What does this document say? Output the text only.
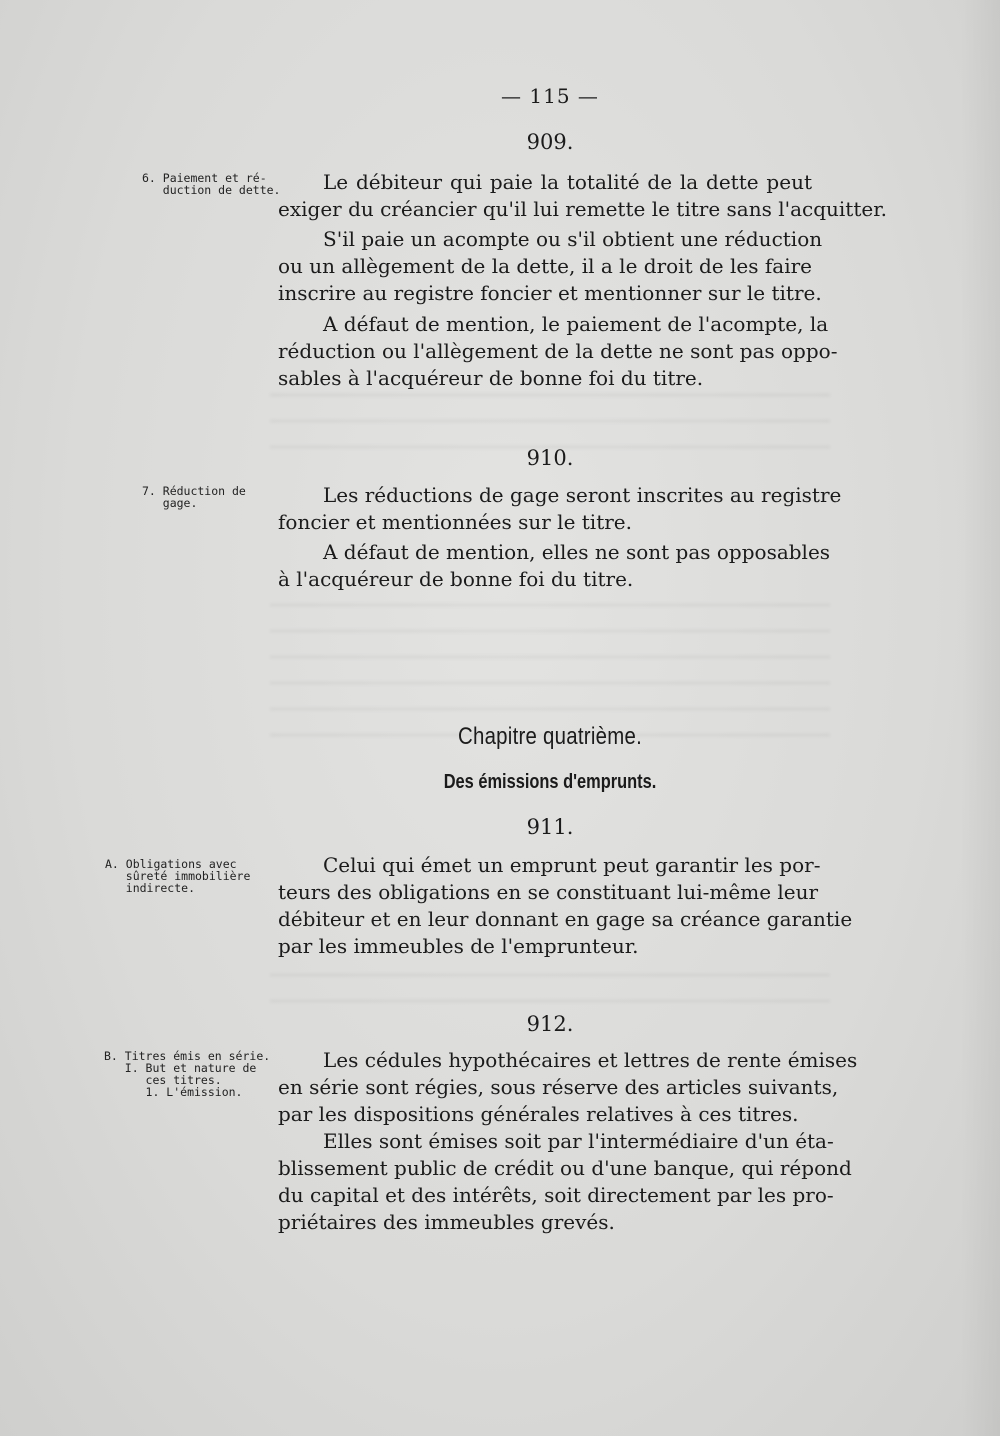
— 115 —
909.
6. Paiement et ré-
duction de dette.	Le débiteur qui paie la totalité de la dette peut
exiger du créancier qu'il lui remette le titre sans l'acquitter.
S'il paie un acompte ou s'il obtient une réduction
ou un allègement de la dette, il a le droit de les faire
inscrire au registre foncier et mentionner sur le titre.
A défaut de mention, le paiement de l'acompte, la
réduction ou l'allègement de la dette ne sont pas oppo-
sables à l'acquéreur de bonne foi du titre.
910.
7. Réduction de
gage.	Les réductions de gage seront inscrites au registre
foncier et mentionnées sur le titre.
A défaut de mention, elles ne sont pas opposables
à l'acquéreur de bonne foi du titre.
Chapitre quatrième.
Des émissions d'emprunts.
911.
A. Obligations avec
sûreté immobilière
indirecte.
Celui qui émet un emprunt peut garantir les por-
teurs des obligations en se constituant lui-même leur
débiteur et en leur donnant en gage sa créance garantie
par les immeubles de l'emprunteur.
912.
B. Titres émis en série.
I. But et nature de
ces titres.
1. L'émission.
Les cédules hypothécaires et lettres de rente émises
en série sont régies, sous réserve des articles suivants,
par les dispositions générales relatives à ces titres.
Elles sont émises soit par l'intermédiaire d'un éta-
blissement public de crédit ou d'une banque, qui répond
du capital et des intérêts, soit directement par les pro-
priétaires des immeubles grevés.
